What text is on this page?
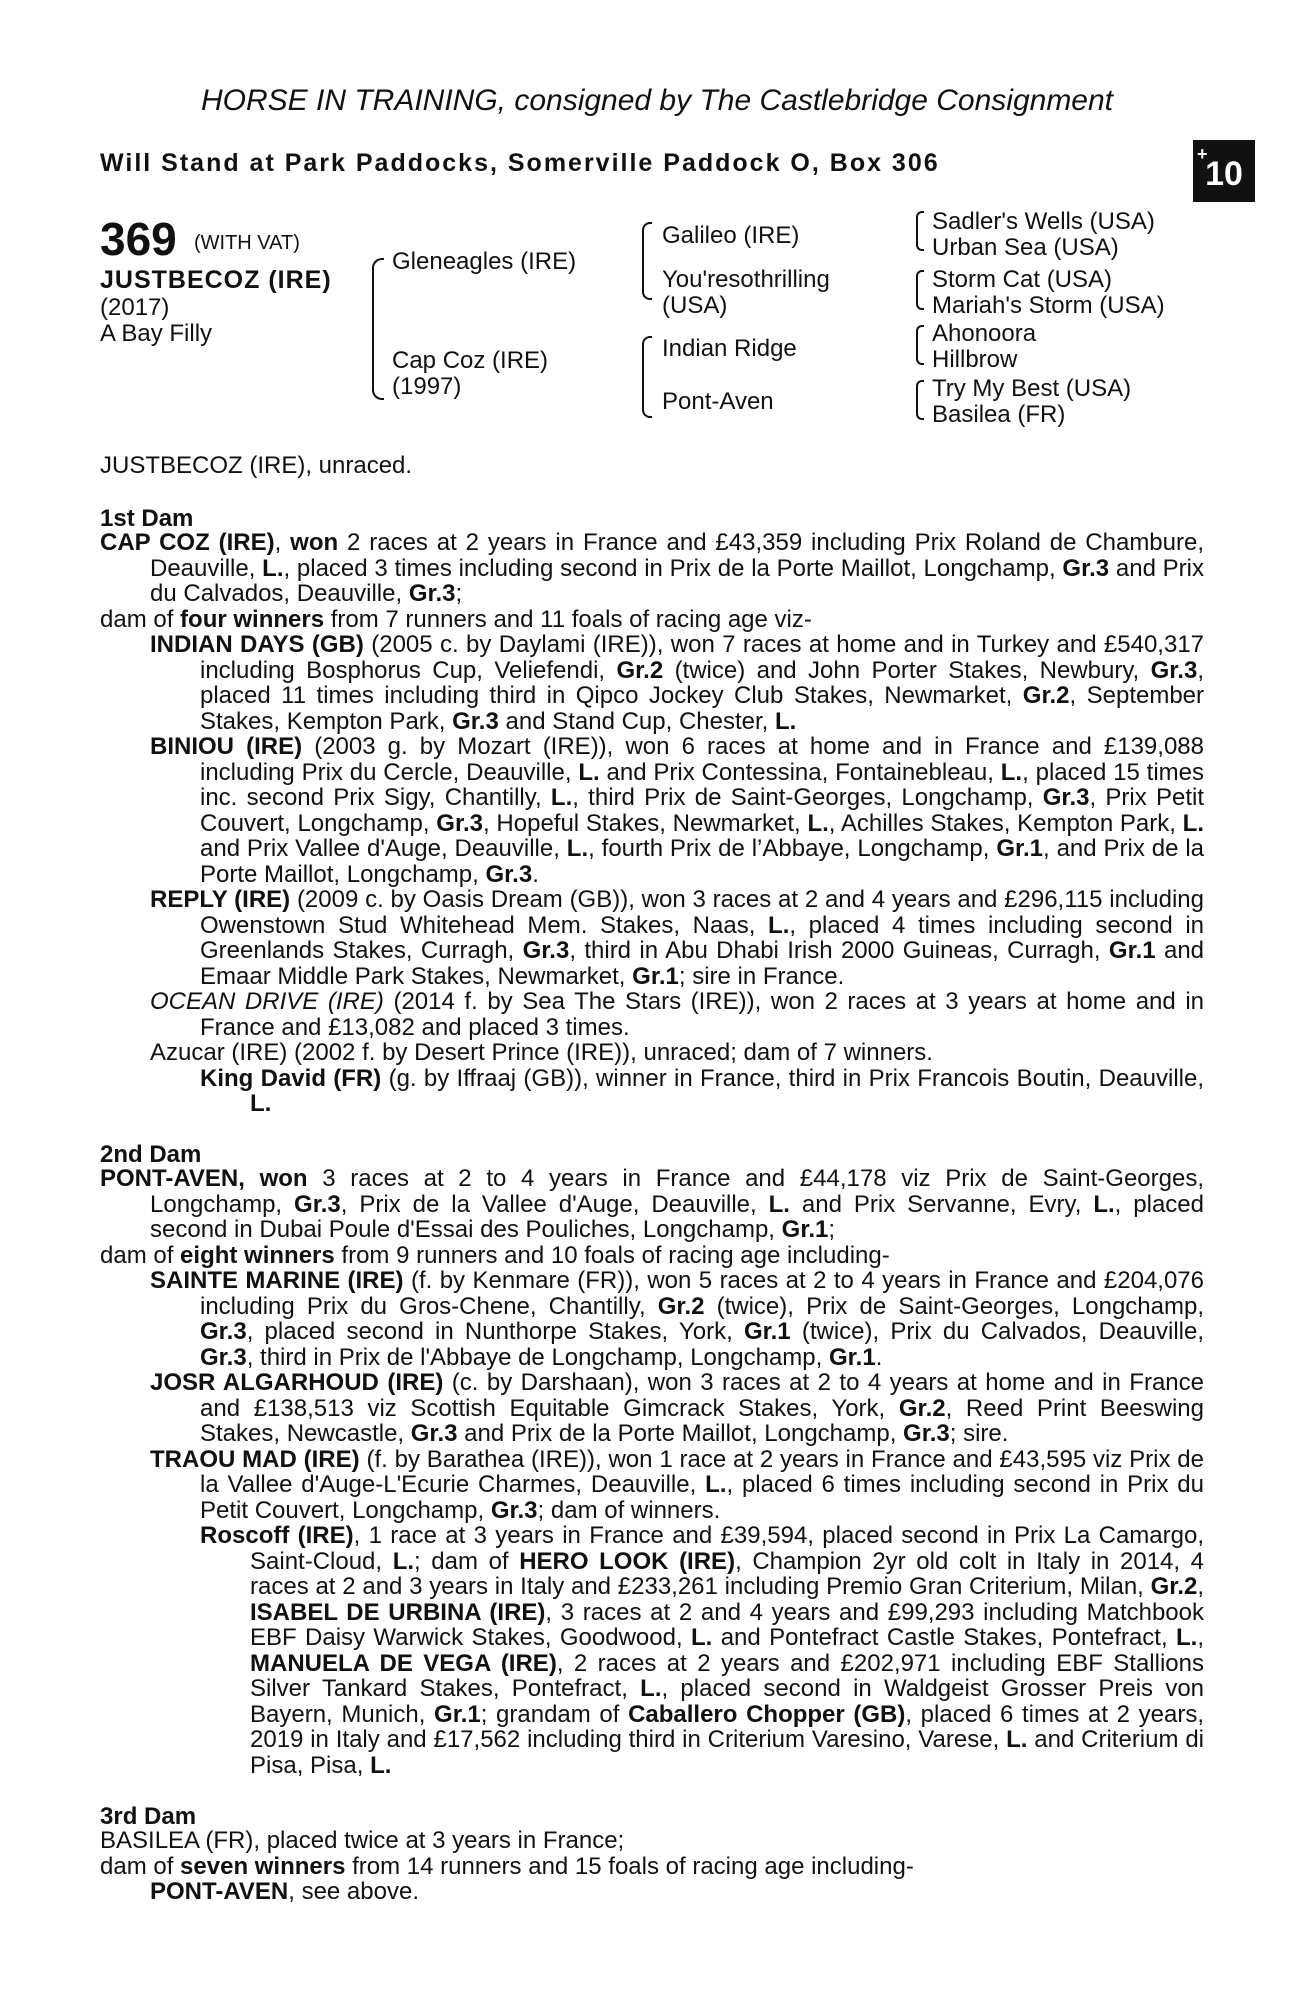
HORSE IN TRAINING, consigned by The Castlebridge Consignment
Will Stand at Park Paddocks, Somerville Paddock O, Box 306	+
10
369 (WITH VAT)
JUSTBECOZ (IRE)
(2017)
A Bay Filly
Gleneagles (IRE)
Cap Coz (IRE)
(1997)
Galileo (IRE)
You'resothrilling
(USA)
Indian Ridge
Pont-Aven
Sadler's Wells (USA)
Urban Sea (USA)
Storm Cat (USA)
Mariah's Storm (USA)
Ahonoora
Hillbrow
Try My Best (USA)
Basilea (FR)
JUSTBECOZ (IRE), unraced.
1st Dam

CAP COZ (IRE), won 2 races at 2 years in France and £43,359 including Prix Roland de Chambure, Deauville, L., placed 3 times including second in Prix de la Porte Maillot, Longchamp, Gr.3 and Prix du Calvados, Deauville, Gr.3;

dam of four winners from 7 runners and 11 foals of racing age viz-

INDIAN DAYS (GB) (2005 c. by Daylami (IRE)), won 7 races at home and in Turkey and £540,317 including Bosphorus Cup, Veliefendi, Gr.2 (twice) and John Porter Stakes, Newbury, Gr.3, placed 11 times including third in Qipco Jockey Club Stakes, Newmarket, Gr.2, September Stakes, Kempton Park, Gr.3 and Stand Cup, Chester, L.

BINIOU (IRE) (2003 g. by Mozart (IRE)), won 6 races at home and in France and £139,088 including Prix du Cercle, Deauville, L. and Prix Contessina, Fontainebleau, L., placed 15 times inc. second Prix Sigy, Chantilly, L., third Prix de Saint-Georges, Longchamp, Gr.3, Prix Petit Couvert, Longchamp, Gr.3, Hopeful Stakes, Newmarket, L., Achilles Stakes, Kempton Park, L. and Prix Vallee d'Auge, Deauville, L., fourth Prix de l’Abbaye, Longchamp, Gr.1, and Prix de la Porte Maillot, Longchamp, Gr.3.

REPLY (IRE) (2009 c. by Oasis Dream (GB)), won 3 races at 2 and 4 years and £296,115 including Owenstown Stud Whitehead Mem. Stakes, Naas, L., placed 4 times including second in Greenlands Stakes, Curragh, Gr.3, third in Abu Dhabi Irish 2000 Guineas, Curragh, Gr.1 and Emaar Middle Park Stakes, Newmarket, Gr.1; sire in France.

OCEAN DRIVE (IRE) (2014 f. by Sea The Stars (IRE)), won 2 races at 3 years at home and in France and £13,082 and placed 3 times.

Azucar (IRE) (2002 f. by Desert Prince (IRE)), unraced; dam of 7 winners.

King David (FR) (g. by Iffraaj (GB)), winner in France, third in Prix Francois Boutin, Deauville, L.

2nd Dam

PONT-AVEN, won 3 races at 2 to 4 years in France and £44,178 viz Prix de Saint-Georges, Longchamp, Gr.3, Prix de la Vallee d'Auge, Deauville, L. and Prix Servanne, Evry, L., placed second in Dubai Poule d'Essai des Pouliches, Longchamp, Gr.1;

dam of eight winners from 9 runners and 10 foals of racing age including-

SAINTE MARINE (IRE) (f. by Kenmare (FR)), won 5 races at 2 to 4 years in France and £204,076 including Prix du Gros-Chene, Chantilly, Gr.2 (twice), Prix de Saint-Georges, Longchamp, Gr.3, placed second in Nunthorpe Stakes, York, Gr.1 (twice), Prix du Calvados, Deauville, Gr.3, third in Prix de l'Abbaye de Longchamp, Longchamp, Gr.1.

JOSR ALGARHOUD (IRE) (c. by Darshaan), won 3 races at 2 to 4 years at home and in France and £138,513 viz Scottish Equitable Gimcrack Stakes, York, Gr.2, Reed Print Beeswing Stakes, Newcastle, Gr.3 and Prix de la Porte Maillot, Longchamp, Gr.3; sire.

TRAOU MAD (IRE) (f. by Barathea (IRE)), won 1 race at 2 years in France and £43,595 viz Prix de la Vallee d'Auge-L'Ecurie Charmes, Deauville, L., placed 6 times including second in Prix du Petit Couvert, Longchamp, Gr.3; dam of winners.

Roscoff (IRE), 1 race at 3 years in France and £39,594, placed second in Prix La Camargo, Saint-Cloud, L.; dam of HERO LOOK (IRE), Champion 2yr old colt in Italy in 2014, 4 races at 2 and 3 years in Italy and £233,261 including Premio Gran Criterium, Milan, Gr.2, ISABEL DE URBINA (IRE), 3 races at 2 and 4 years and £99,293 including Matchbook EBF Daisy Warwick Stakes, Goodwood, L. and Pontefract Castle Stakes, Pontefract, L., MANUELA DE VEGA (IRE), 2 races at 2 years and £202,971 including EBF Stallions Silver Tankard Stakes, Pontefract, L., placed second in Waldgeist Grosser Preis von Bayern, Munich, Gr.1; grandam of Caballero Chopper (GB), placed 6 times at 2 years, 2019 in Italy and £17,562 including third in Criterium Varesino, Varese, L. and Criterium di Pisa, Pisa, L.

3rd Dam

BASILEA (FR), placed twice at 3 years in France;

dam of seven winners from 14 runners and 15 foals of racing age including-

PONT-AVEN, see above.
